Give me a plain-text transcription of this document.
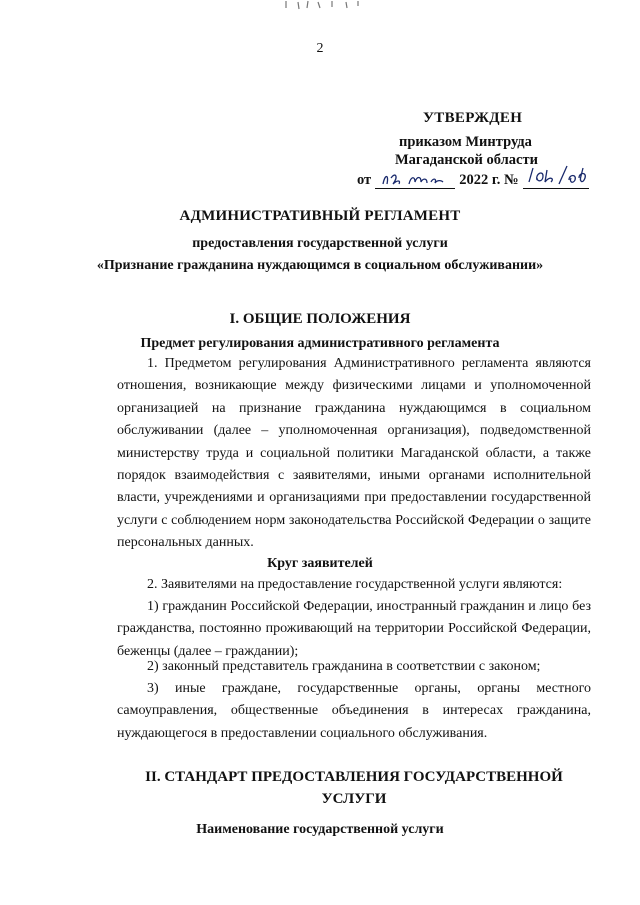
2
УТВЕРЖДЕН
приказом Минтруда
Магаданской области
от	2022 г. №
АДМИНИСТРАТИВНЫЙ РЕГЛАМЕНТ
предоставления государственной услуги
«Признание гражданина нуждающимся в социальном обслуживании»
I. ОБЩИЕ ПОЛОЖЕНИЯ
Предмет регулирования административного регламента
1. Предметом регулирования Административного регламента являются отношения, возникающие между физическими лицами и уполномоченной организацией на признание гражданина нуждающимся в социальном обслуживании (далее – уполномоченная организация), подведомственной министерству труда и социальной политики Магаданской области, а также порядок взаимодействия с заявителями, иными органами исполнительной власти, учреждениями и организациями при предоставлении государственной услуги с соблюдением норм законодательства Российской Федерации о защите персональных данных.
Круг заявителей
2. Заявителями на предоставление государственной услуги являются:
1) гражданин Российской Федерации, иностранный гражданин и лицо без гражданства, постоянно проживающий на территории Российской Федерации, беженцы (далее – граждании);
2) законный представитель гражданина в соответствии с законом;
3) иные граждане, государственные органы, органы местного самоуправления, общественные объединения в интересах гражданина, нуждающегося в предоставлении социального обслуживания.
II. СТАНДАРТ ПРЕДОСТАВЛЕНИЯ ГОСУДАРСТВЕННОЙ УСЛУГИ
Наименование государственной услуги
